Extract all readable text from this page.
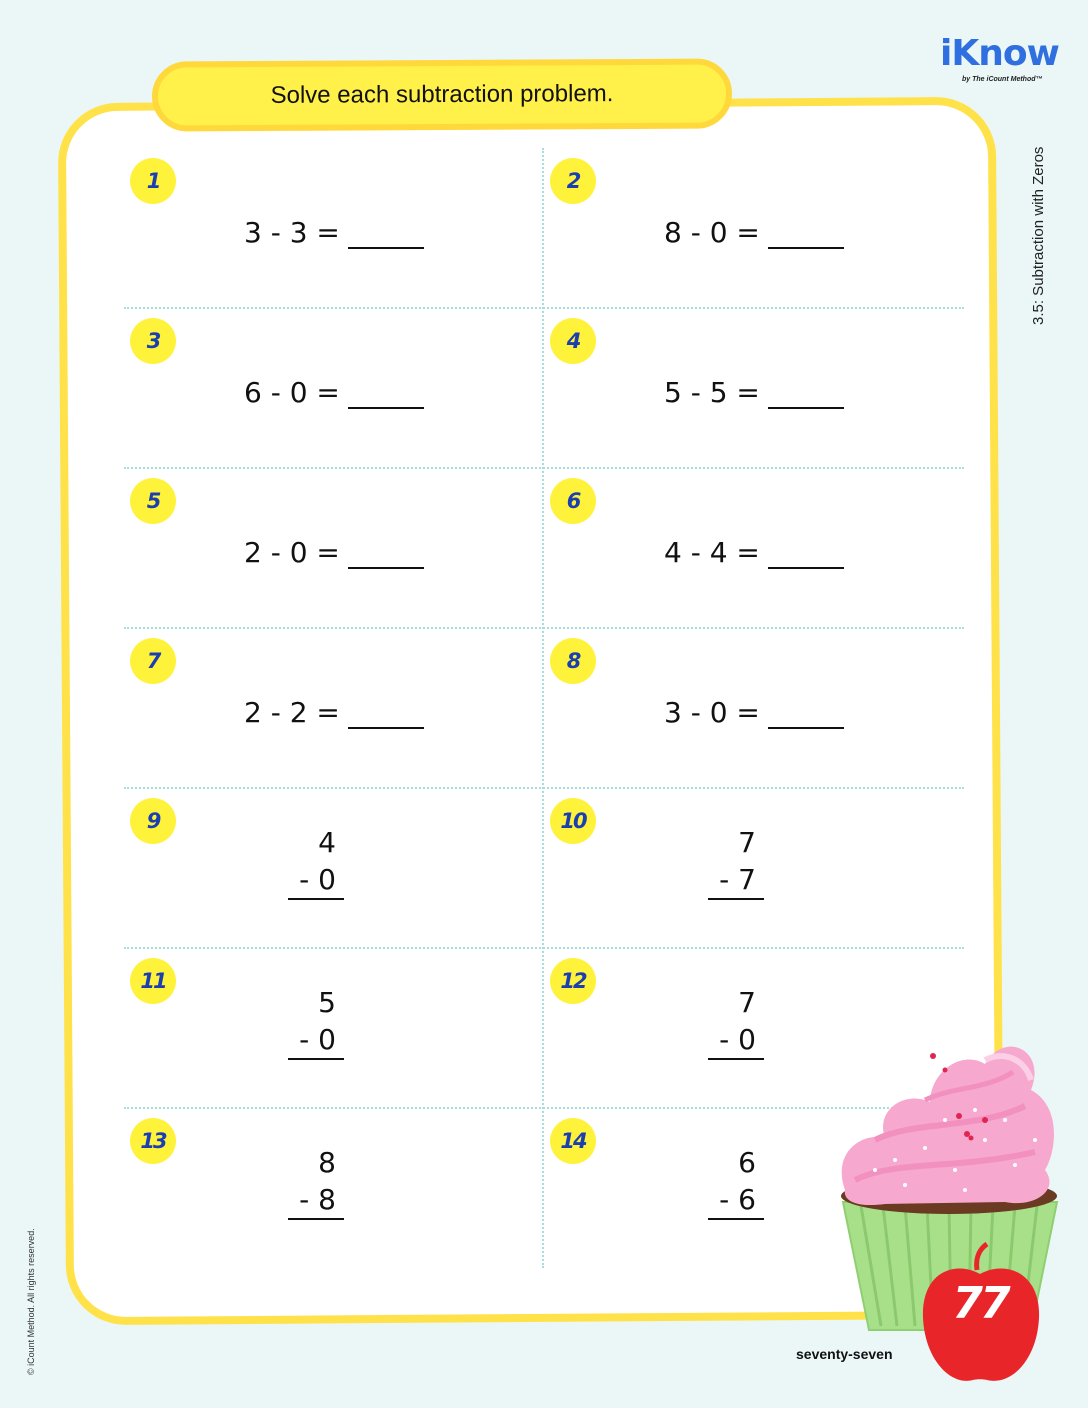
Solve each subtraction problem.
iKnow
by The iCount Method™
3.5: Subtraction with Zeros
© iCount Method. All rights reserved.
1
3 - 3 =
2
8 - 0 =
3
6 - 0 =
4
5 - 5 =
5
2 - 0 =
6
4 - 4 =
7
2 - 2 =
8
3 - 0 =
9
4
- 0
10
7
- 7
11
5
- 0
12
7
- 0
13
8
- 8
14
6
- 6
77
seventy-seven
